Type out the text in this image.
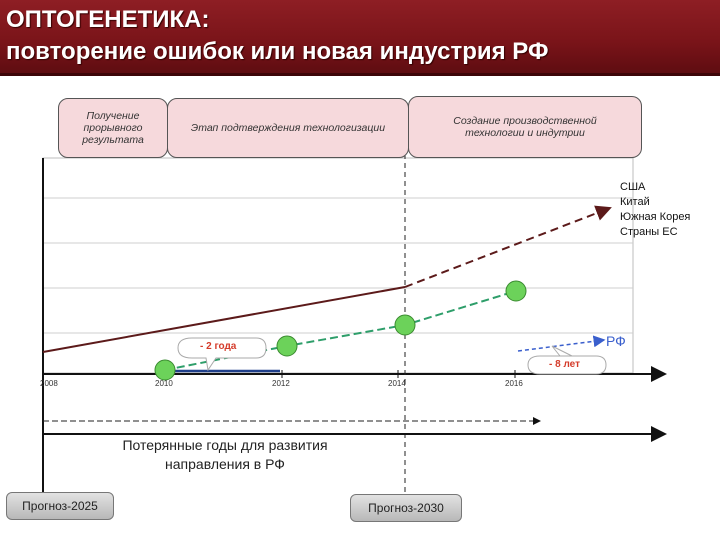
ОПТОГЕНЕТИКА:
повторение ошибок или новая индустрия РФ
Получение прорывного результата
Этап подтверждения технологизации
Создание производственной технологии и индутрии
США
Китай
Южная Корея
Страны ЕС
РФ
- 2 года
- 8 лет
2008	2010	2012	2014	2016
Потерянные годы для развития
направления в РФ
Прогноз-2025	Прогноз-2030
